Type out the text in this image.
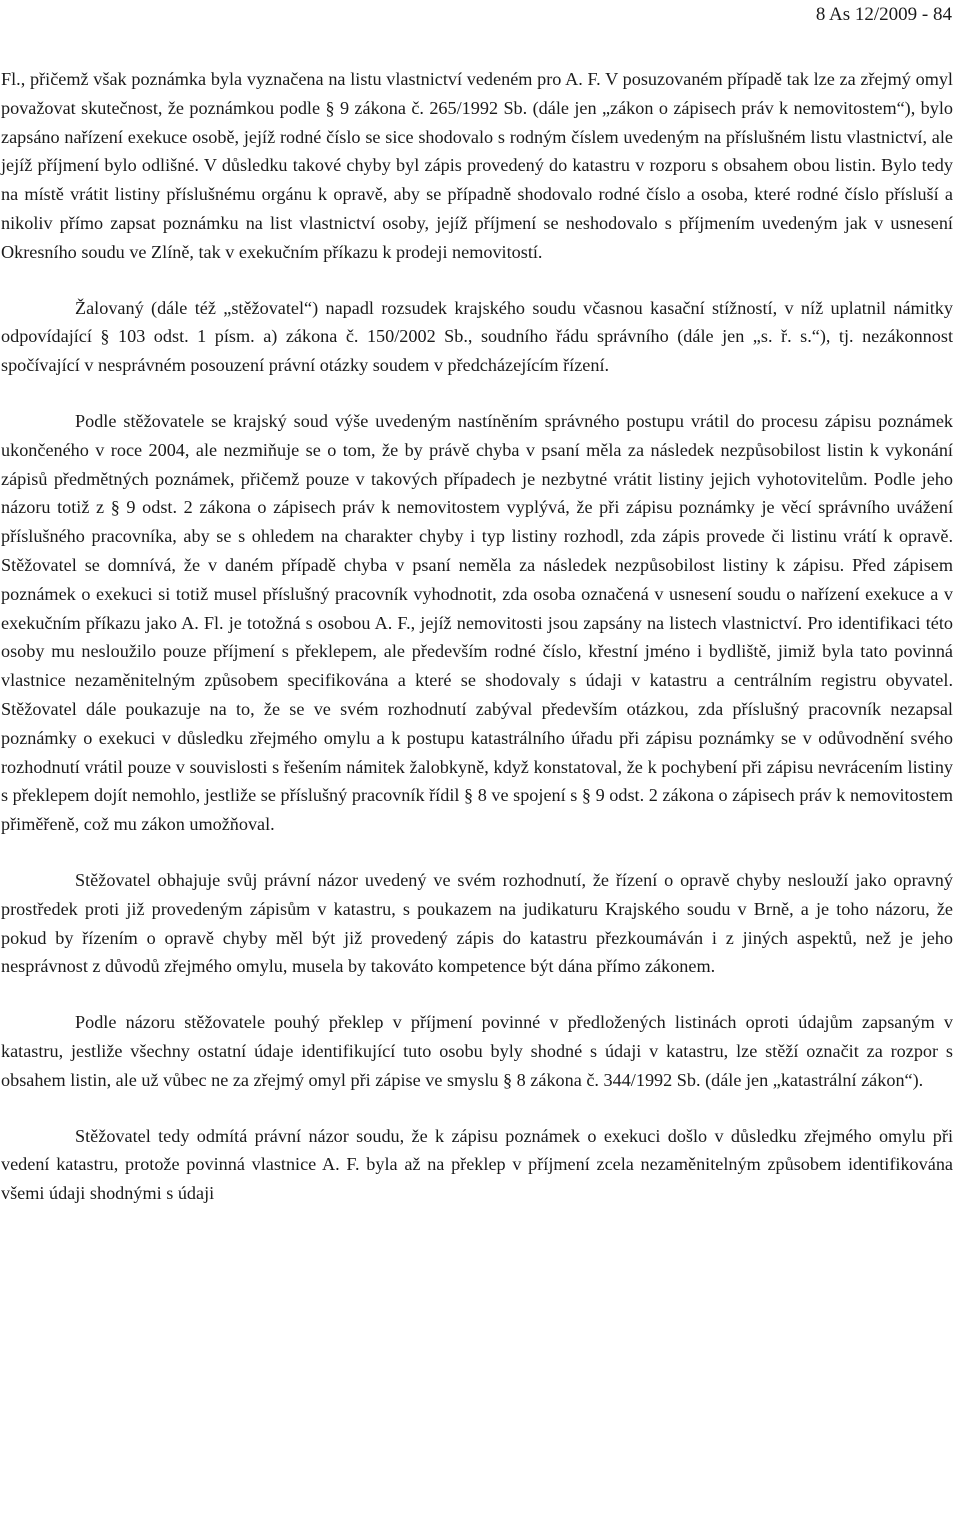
8 As 12/2009 - 84

Fl., přičemž však poznámka byla vyznačena na listu vlastnictví vedeném pro A. F. V posuzovaném případě tak lze za zřejmý omyl považovat skutečnost, že poznámkou podle § 9 zákona č. 265/1992 Sb. (dále jen „zákon o zápisech práv k nemovitostem“), bylo zapsáno nařízení exekuce osobě, jejíž rodné číslo se sice shodovalo s rodným číslem uvedeným na příslušném listu vlastnictví, ale jejíž příjmení bylo odlišné. V důsledku takové chyby byl zápis provedený do katastru v rozporu s obsahem obou listin. Bylo tedy na místě vrátit listiny příslušnému orgánu k opravě, aby se případně shodovalo rodné číslo a osoba, které rodné číslo přísluší a nikoliv přímo zapsat poznámku na list vlastnictví osoby, jejíž příjmení se neshodovalo s příjmením uvedeným jak v usnesení Okresního soudu ve Zlíně, tak v exekučním příkazu k prodeji nemovitostí.

Žalovaný (dále též „stěžovatel“) napadl rozsudek krajského soudu včasnou kasační stížností, v níž uplatnil námitky odpovídající § 103 odst. 1 písm. a) zákona č. 150/2002 Sb., soudního řádu správního (dále jen „s. ř. s.“), tj. nezákonnost spočívající v nesprávném posouzení právní otázky soudem v předcházejícím řízení.

Podle stěžovatele se krajský soud výše uvedeným nastíněním správného postupu vrátil do procesu zápisu poznámek ukončeného v roce 2004, ale nezmiňuje se o tom, že by právě chyba v psaní měla za následek nezpůsobilost listin k vykonání zápisů předmětných poznámek, přičemž pouze v takových případech je nezbytné vrátit listiny jejich vyhotovitelům. Podle jeho názoru totiž z § 9 odst. 2 zákona o zápisech práv k nemovitostem vyplývá, že při zápisu poznámky je věcí správního uvážení příslušného pracovníka, aby se s ohledem na charakter chyby i typ listiny rozhodl, zda zápis provede či listinu vrátí k opravě. Stěžovatel se domnívá, že v daném případě chyba v psaní neměla za následek nezpůsobilost listiny k zápisu. Před zápisem poznámek o exekuci si totiž musel příslušný pracovník vyhodnotit, zda osoba označená v usnesení soudu o nařízení exekuce a v exekučním příkazu jako A. Fl. je totožná s osobou A. F., jejíž nemovitosti jsou zapsány na listech vlastnictví. Pro identifikaci této osoby mu nesloužilo pouze příjmení s překlepem, ale především rodné číslo, křestní jméno i bydliště, jimiž byla tato povinná vlastnice nezaměnitelným způsobem specifikována a které se shodovaly s údaji v katastru a centrálním registru obyvatel. Stěžovatel dále poukazuje na to, že se ve svém rozhodnutí zabýval především otázkou, zda příslušný pracovník nezapsal poznámky o exekuci v důsledku zřejmého omylu a k postupu katastrálního úřadu při zápisu poznámky se v odůvodnění svého rozhodnutí vrátil pouze v souvislosti s řešením námitek žalobkyně, když konstatoval, že k pochybení při zápisu nevrácením listiny s překlepem dojít nemohlo, jestliže se příslušný pracovník řídil § 8 ve spojení s § 9 odst. 2 zákona o zápisech práv k nemovitostem přiměřeně, což mu zákon umožňoval.

Stěžovatel obhajuje svůj právní názor uvedený ve svém rozhodnutí, že řízení o opravě chyby neslouží jako opravný prostředek proti již provedeným zápisům v katastru, s poukazem na judikaturu Krajského soudu v Brně, a je toho názoru, že pokud by řízením o opravě chyby měl být již provedený zápis do katastru přezkoumáván i z jiných aspektů, než je jeho nesprávnost z důvodů zřejmého omylu, musela by takováto kompetence být dána přímo zákonem.

Podle názoru stěžovatele pouhý překlep v příjmení povinné v předložených listinách oproti údajům zapsaným v katastru, jestliže všechny ostatní údaje identifikující tuto osobu byly shodné s údaji v katastru, lze stěží označit za rozpor s obsahem listin, ale už vůbec ne za zřejmý omyl při zápise ve smyslu § 8 zákona č. 344/1992 Sb. (dále jen „katastrální zákon“).

Stěžovatel tedy odmítá právní názor soudu, že k zápisu poznámek o exekuci došlo v důsledku zřejmého omylu při vedení katastru, protože povinná vlastnice A. F. byla až na překlep v příjmení zcela nezaměnitelným způsobem identifikována všemi údaji shodnými s údaji
